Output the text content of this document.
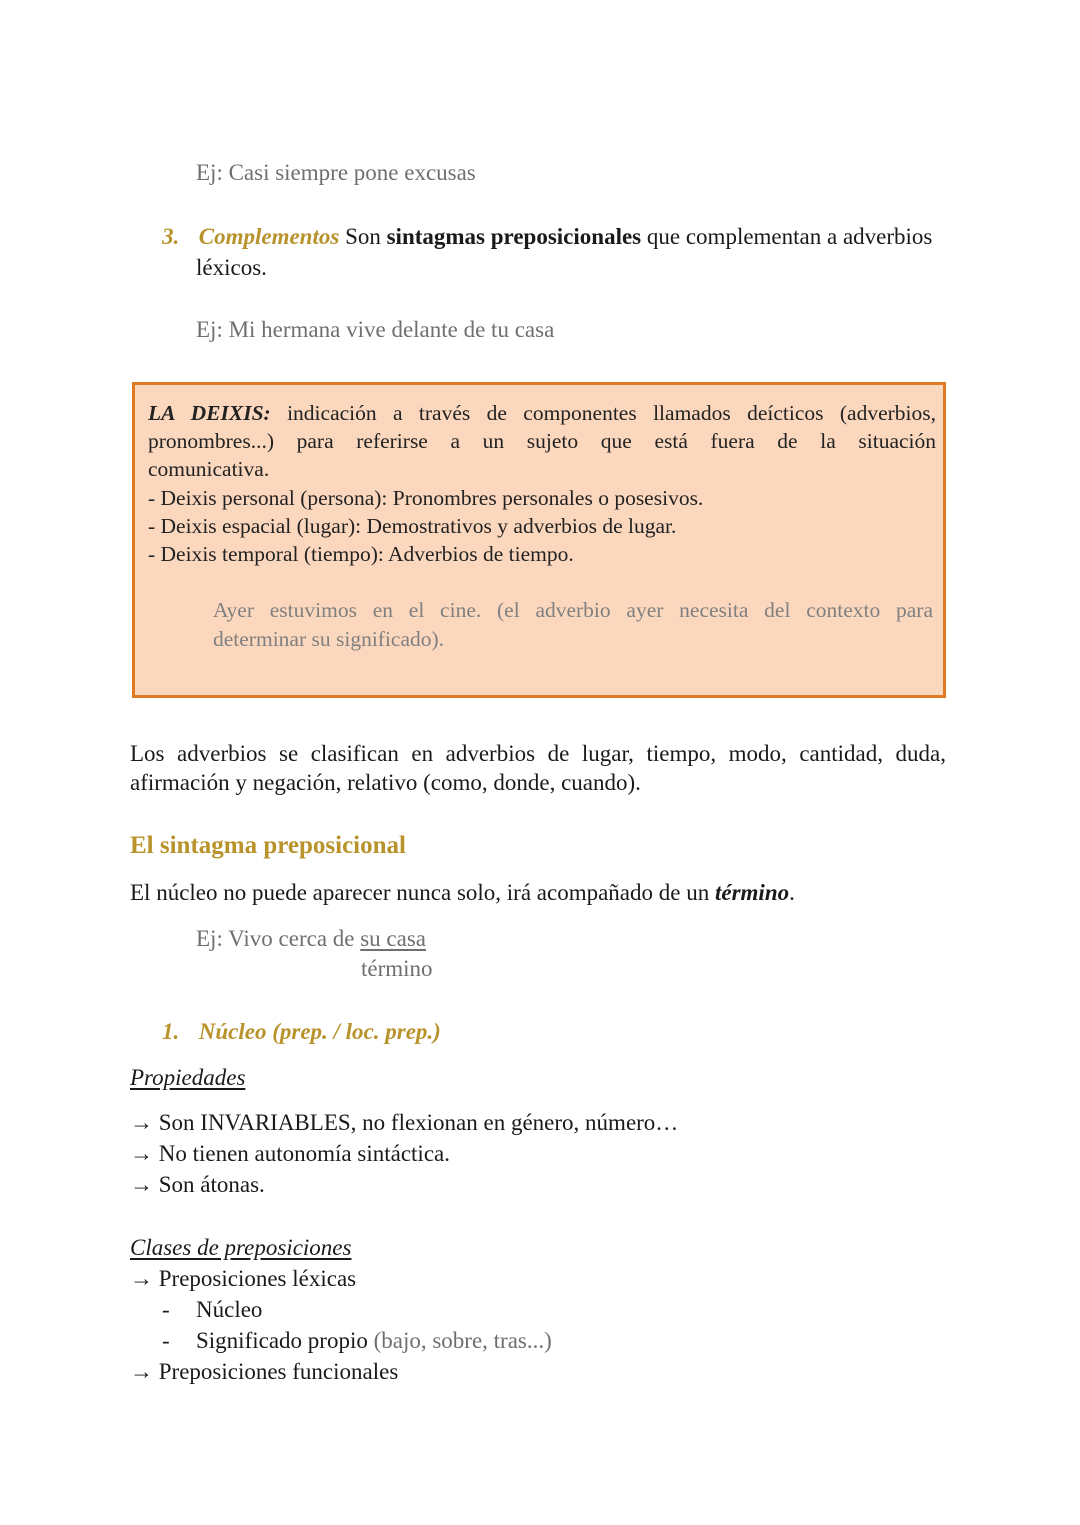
Ej: Casi siempre pone excusas
3. Complementos Son sintagmas preposicionales que complementan a adverbios
léxicos.
Ej: Mi hermana vive delante de tu casa
LA DEIXIS: indicación a través de componentes llamados deícticos (adverbios,
pronombres...) para referirse a un sujeto que está fuera de la situación
comunicativa.
- Deixis personal (persona): Pronombres personales o posesivos.
- Deixis espacial (lugar): Demostrativos y adverbios de lugar.
- Deixis temporal (tiempo): Adverbios de tiempo.
Ayer estuvimos en el cine. (el adverbio ayer necesita del contexto para
determinar su significado).
Los adverbios se clasifican en adverbios de lugar, tiempo, modo, cantidad, duda,
afirmación y negación, relativo (como, donde, cuando).
El sintagma preposicional
El núcleo no puede aparecer nunca solo, irá acompañado de un término.
Ej: Vivo cerca de su casa
término
1. Núcleo (prep. / loc. prep.)
Propiedades
→ Son INVARIABLES, no flexionan en género, número…
→ No tienen autonomía sintáctica.
→ Son átonas.
Clases de preposiciones
→ Preposiciones léxicas
- Núcleo
- Significado propio (bajo, sobre, tras...)
→ Preposiciones funcionales
